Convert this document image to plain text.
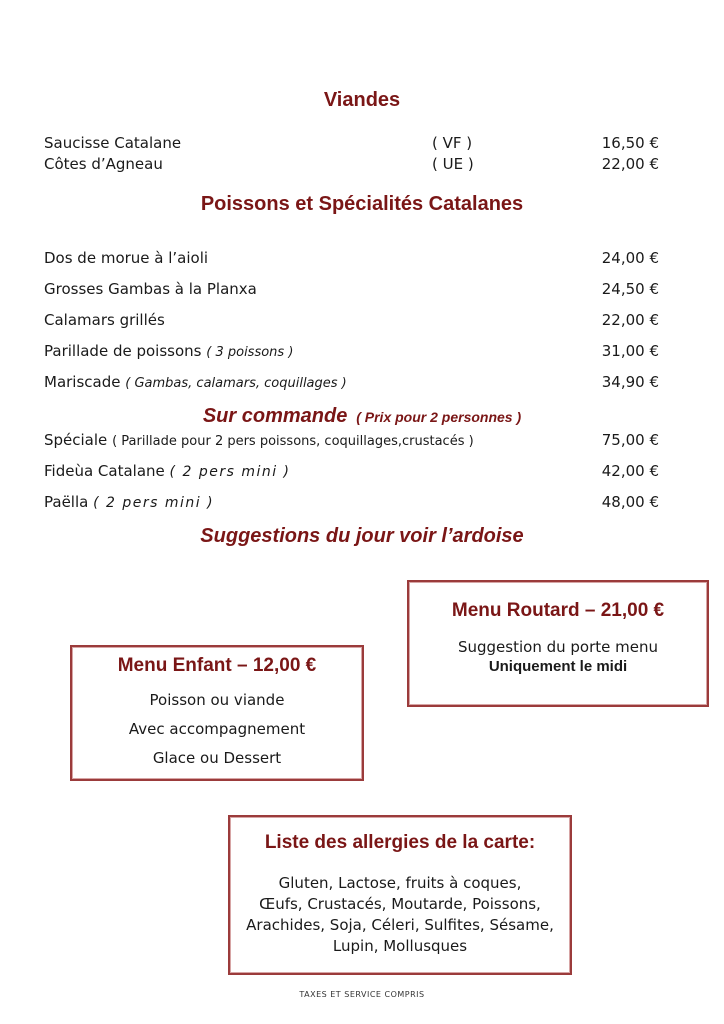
Viandes
Saucisse Catalane	( VF )	16,50 €
Côtes d’Agneau	( UE )	22,00 €
Poissons et Spécialités Catalanes
Dos de morue à l’aioli	24,00 €
Grosses Gambas à la Planxa	24,50 €
Calamars grillés	22,00 €
Parillade de poissons ( 3 poissons )	31,00 €
Mariscade ( Gambas, calamars, coquillages )	34,90 €
Sur commande ( Prix pour 2 personnes )
Spéciale ( Parillade pour 2 pers poissons, coquillages,crustacés )	75,00 €
Fideùa Catalane ( 2 pers mini )	42,00 €
Paëlla ( 2 pers mini )	48,00 €
Suggestions du jour voir l’ardoise
Menu Routard – 21,00 €
Suggestion du porte menu
Uniquement le midi
Menu Enfant – 12,00 €
Poisson ou viande
Avec accompagnement
Glace ou Dessert
Liste des allergies de la carte:
Gluten, Lactose, fruits à coques,
Œufs, Crustacés, Moutarde, Poissons,
Arachides, Soja, Céleri, Sulfites, Sésame,
Lupin, Mollusques
TAXES ET SERVICE COMPRIS
